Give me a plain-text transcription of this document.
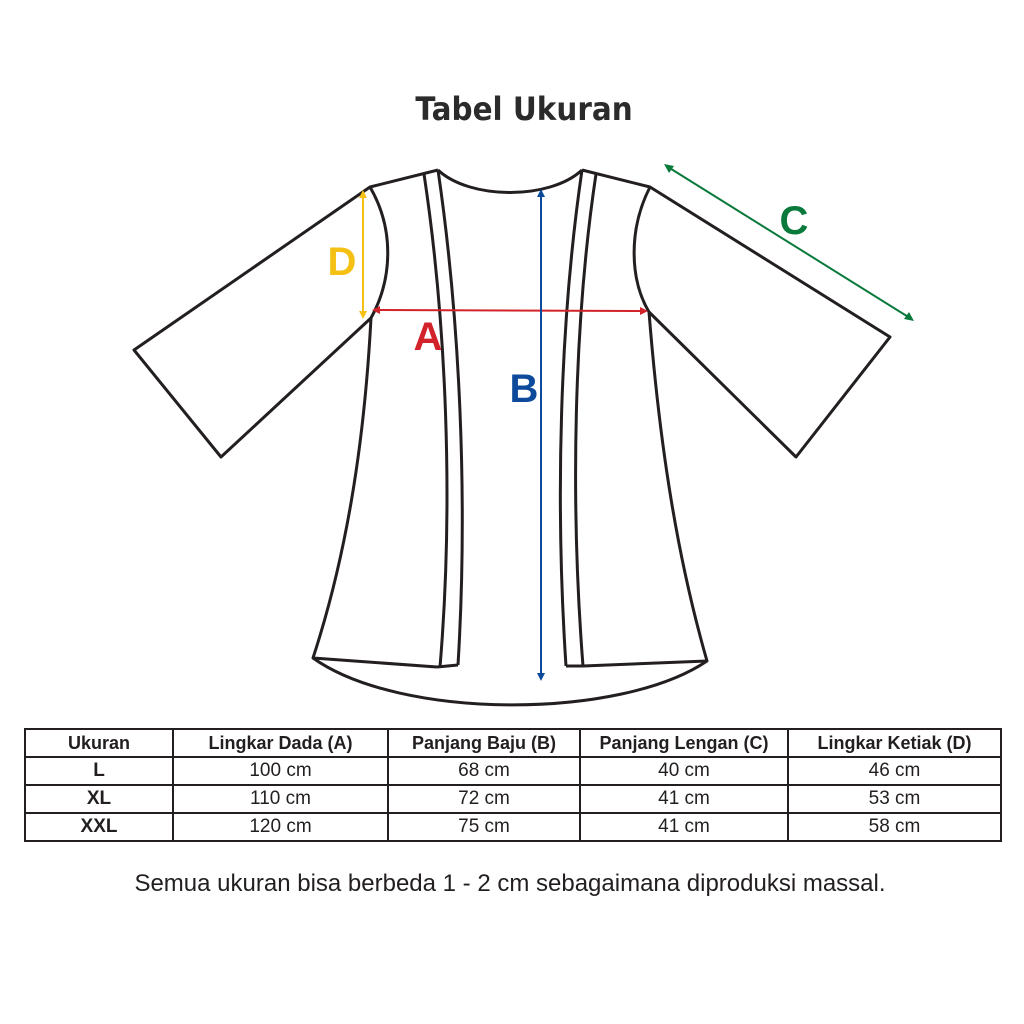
Tabel Ukuran
A
B
C
D
Ukuran	Lingkar Dada (A)	Panjang Baju (B)	Panjang Lengan (C)	Lingkar Ketiak (D)
L	100 cm	68 cm	40 cm	46 cm
XL	110 cm	72 cm	41 cm	53 cm
XXL	120 cm	75 cm	41 cm	58 cm
Semua ukuran bisa berbeda 1 - 2 cm sebagaimana diproduksi massal.
